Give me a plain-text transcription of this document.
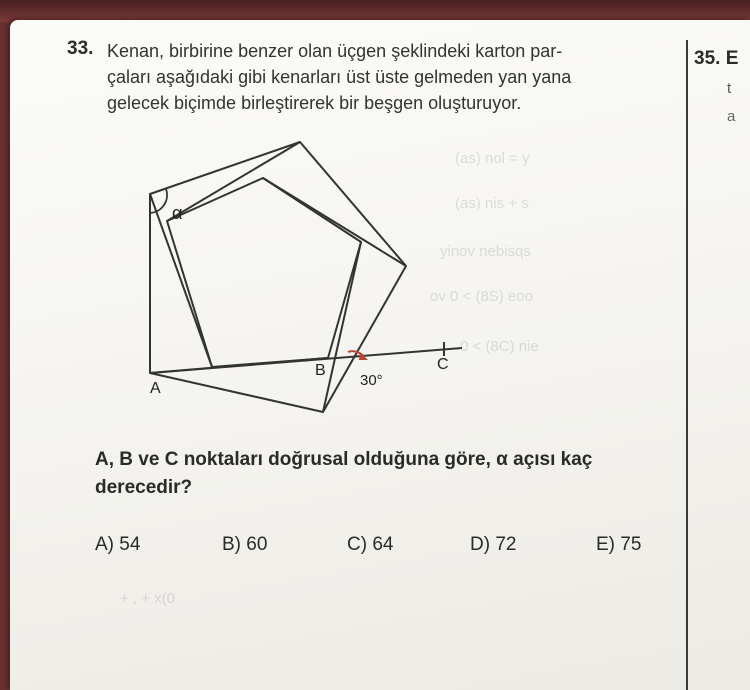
(as) nol = y
(as) nis + s
yinov nebisqs
ov 0 < (8S) eoo
0 < (8C) nie
+ , + x(0
33. Kenan, birbirine benzer olan üçgen şeklindeki karton par-
çaları aşağıdaki gibi kenarları üst üste gelmeden yan yana
gelecek biçimde birleştirerek bir beşgen oluşturuyor.
35. E
t
a
α
A
B	C
30°
A, B ve C noktaları doğrusal olduğuna göre, α açısı kaç derecedir?
A) 54	B) 60	C) 64	D) 72	E) 75
